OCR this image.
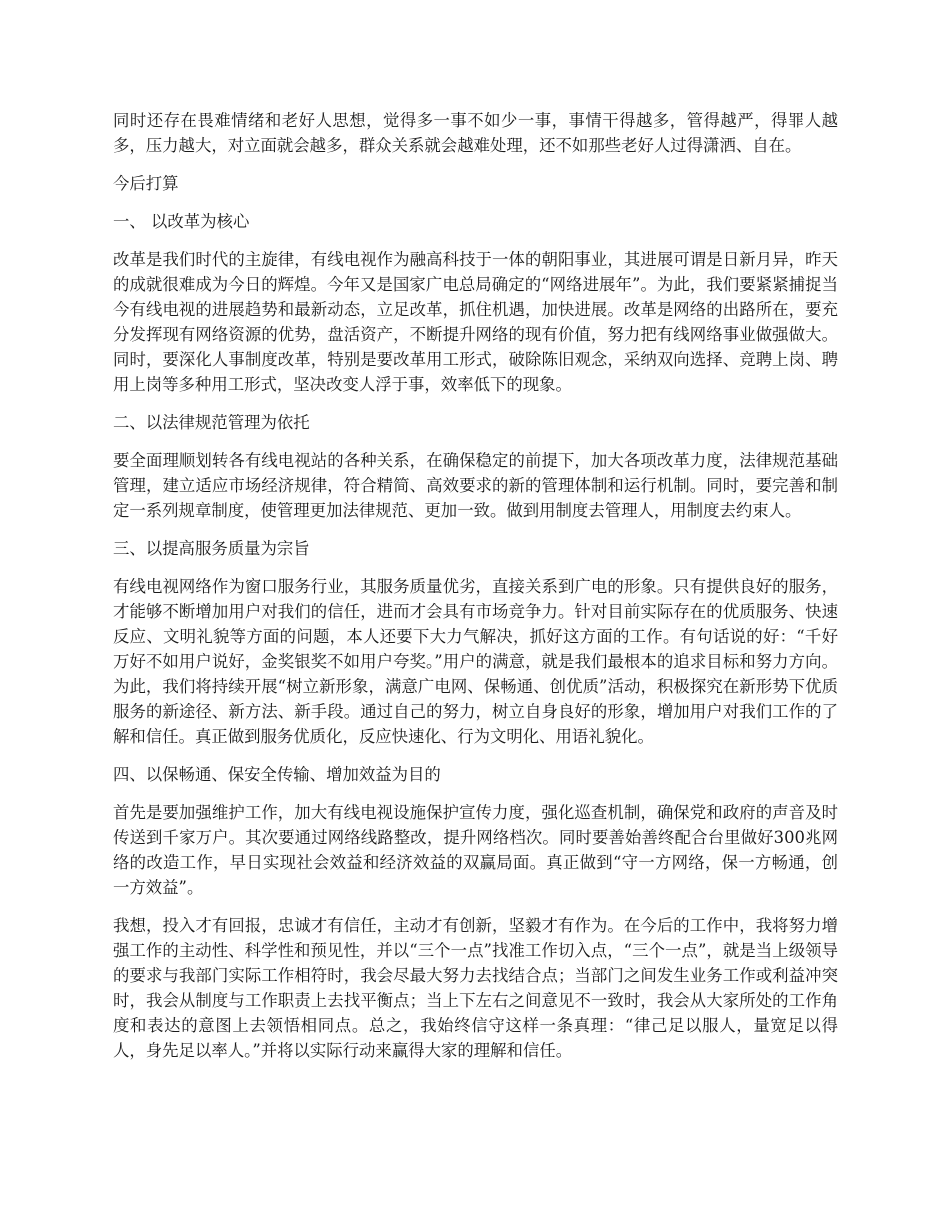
同时还存在畏难情绪和老好人思想，觉得多一事不如少一事，事情干得越多，管得越严，得罪人越多，压力越大，对立面就会越多，群众关系就会越难处理，还不如那些老好人过得潇洒、自在。

今后打算

一、 以改革为核心

改革是我们时代的主旋律，有线电视作为融高科技于一体的朝阳事业，其进展可谓是日新月异，昨天的成就很难成为今日的辉煌。今年又是国家广电总局确定的“网络进展年”。为此，我们要紧紧捕捉当今有线电视的进展趋势和最新动态，立足改革，抓住机遇，加快进展。改革是网络的出路所在，要充分发挥现有网络资源的优势，盘活资产，不断提升网络的现有价值，努力把有线网络事业做强做大。同时，要深化人事制度改革，特别是要改革用工形式，破除陈旧观念，采纳双向选择、竞聘上岗、聘用上岗等多种用工形式，坚决改变人浮于事，效率低下的现象。

二、以法律规范管理为依托

要全面理顺划转各有线电视站的各种关系，在确保稳定的前提下，加大各项改革力度，法律规范基础管理，建立适应市场经济规律，符合精简、高效要求的新的管理体制和运行机制。同时，要完善和制定一系列规章制度，使管理更加法律规范、更加一致。做到用制度去管理人，用制度去约束人。

三、以提高服务质量为宗旨

有线电视网络作为窗口服务行业，其服务质量优劣，直接关系到广电的形象。只有提供良好的服务，才能够不断增加用户对我们的信任，进而才会具有市场竞争力。针对目前实际存在的优质服务、快速反应、文明礼貌等方面的问题，本人还要下大力气解决，抓好这方面的工作。有句话说的好：“千好万好不如用户说好，金奖银奖不如用户夸奖。”用户的满意，就是我们最根本的追求目标和努力方向。为此，我们将持续开展“树立新形象，满意广电网、保畅通、创优质”活动，积极探究在新形势下优质服务的新途径、新方法、新手段。通过自己的努力，树立自身良好的形象，增加用户对我们工作的了解和信任。真正做到服务优质化，反应快速化、行为文明化、用语礼貌化。

四、以保畅通、保安全传输、增加效益为目的

首先是要加强维护工作，加大有线电视设施保护宣传力度，强化巡查机制，确保党和政府的声音及时传送到千家万户。其次要通过网络线路整改，提升网络档次。同时要善始善终配合台里做好300兆网络的改造工作，早日实现社会效益和经济效益的双赢局面。真正做到“守一方网络，保一方畅通，创一方效益”。

我想，投入才有回报，忠诚才有信任，主动才有创新，坚毅才有作为。在今后的工作中，我将努力增强工作的主动性、科学性和预见性，并以“三个一点”找准工作切入点，“三个一点”，就是当上级领导的要求与我部门实际工作相符时，我会尽最大努力去找结合点；当部门之间发生业务工作或利益冲突时，我会从制度与工作职责上去找平衡点；当上下左右之间意见不一致时，我会从大家所处的工作角度和表达的意图上去领悟相同点。总之，我始终信守这样一条真理：“律己足以服人，量宽足以得人，身先足以率人。”并将以实际行动来赢得大家的理解和信任。
